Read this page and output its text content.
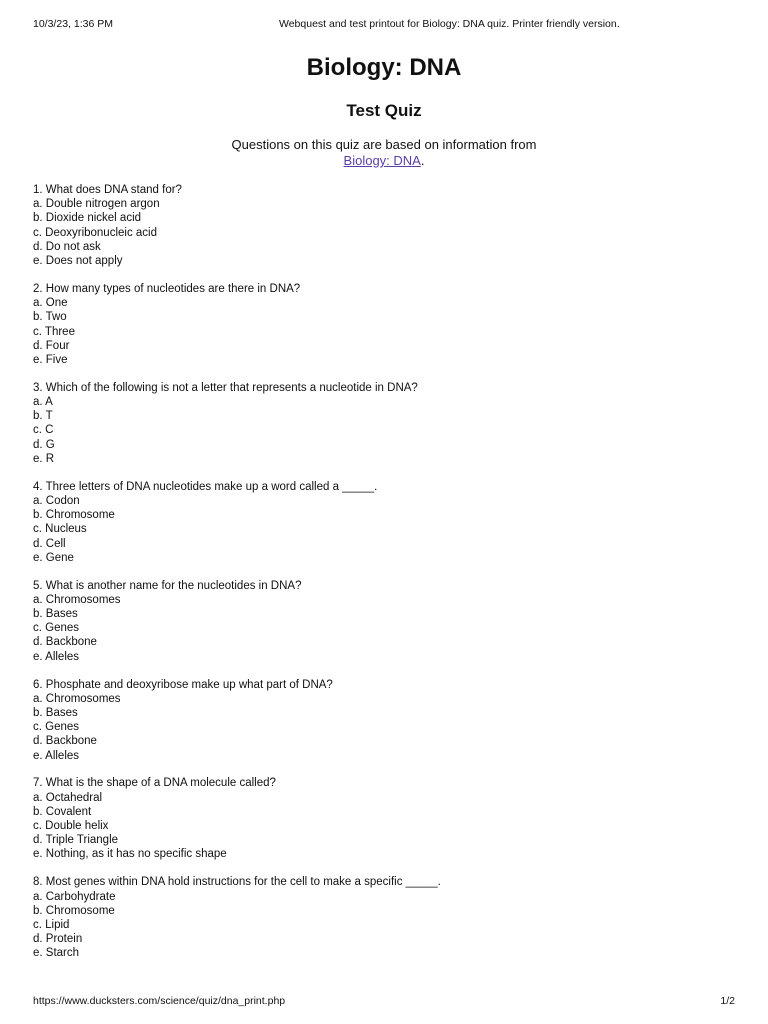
10/3/23, 1:36 PM	Webquest and test printout for Biology: DNA quiz. Printer friendly version.
Biology: DNA
Test Quiz
Questions on this quiz are based on information from
Biology: DNA.
1. What does DNA stand for?
a. Double nitrogen argon
b. Dioxide nickel acid
c. Deoxyribonucleic acid
d. Do not ask
e. Does not apply
2. How many types of nucleotides are there in DNA?
a. One
b. Two
c. Three
d. Four
e. Five
3. Which of the following is not a letter that represents a nucleotide in DNA?
a. A
b. T
c. C
d. G
e. R
4. Three letters of DNA nucleotides make up a word called a _____.
a. Codon
b. Chromosome
c. Nucleus
d. Cell
e. Gene
5. What is another name for the nucleotides in DNA?
a. Chromosomes
b. Bases
c. Genes
d. Backbone
e. Alleles
6. Phosphate and deoxyribose make up what part of DNA?
a. Chromosomes
b. Bases
c. Genes
d. Backbone
e. Alleles
7. What is the shape of a DNA molecule called?
a. Octahedral
b. Covalent
c. Double helix
d. Triple Triangle
e. Nothing, as it has no specific shape
8. Most genes within DNA hold instructions for the cell to make a specific _____.
a. Carbohydrate
b. Chromosome
c. Lipid
d. Protein
e. Starch
https://www.ducksters.com/science/quiz/dna_print.php	1/2
